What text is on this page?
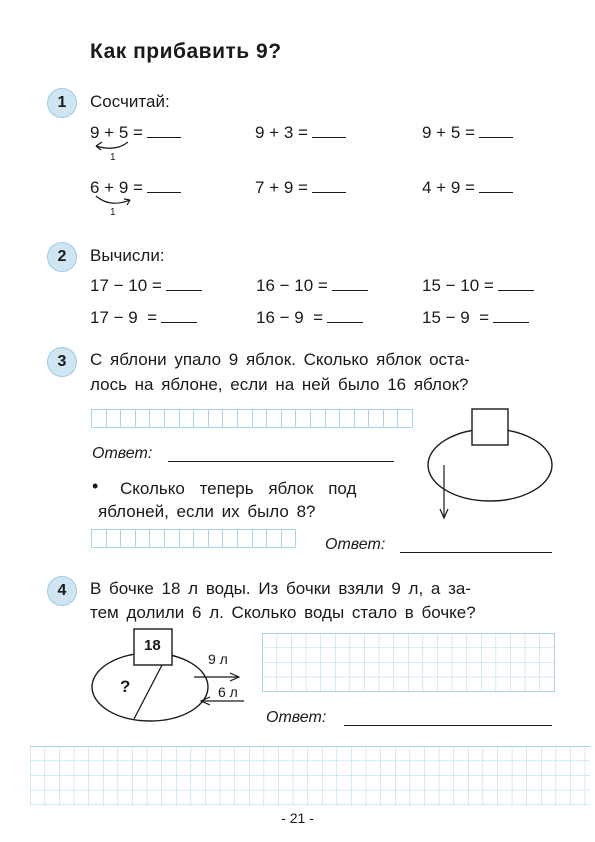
Как прибавить 9?
1	Сосчитай:
9 + 5 =	9 + 3 =	9 + 5 =
1
6 + 9 =	7 + 9 =	4 + 9 =
1
2	Вычисли:
17 − 10 =	16 − 10 =	15 − 10 =
17 − 9  =	16 − 9  =	15 − 9  =
3	С яблони упало 9 яблок. Сколько яблок оста-
лось на яблоне, если на ней было 16 яблок?
Ответ:
• Сколько теперь яблок под
яблоней, если их было 8?
Ответ:
4	В бочке 18 л воды. Из бочки взяли 9 л, а за-
тем долили 6 л. Сколько воды стало в бочке?
18
?
9 л
6 л
Ответ:
- 21 -
